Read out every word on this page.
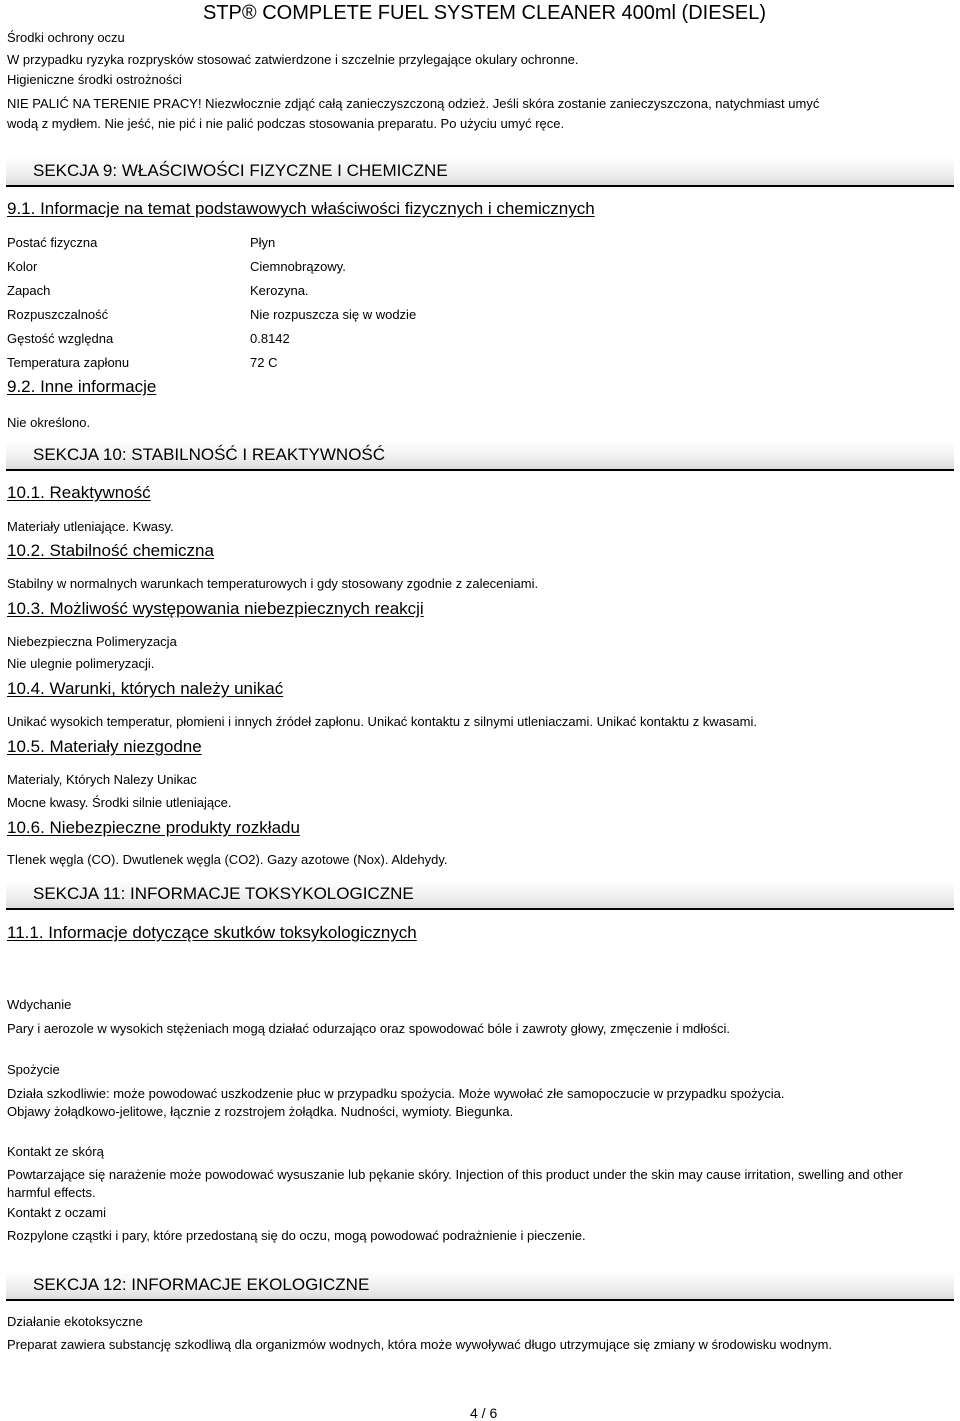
STP® COMPLETE FUEL SYSTEM CLEANER 400ml (DIESEL)
Środki ochrony oczu
W przypadku ryzyka rozprysków stosować zatwierdzone i szczelnie przylegające okulary ochronne.
Higieniczne środki ostrożności
NIE PALIĆ NA TERENIE PRACY! Niezwłocznie zdjąć całą zanieczyszczoną odzież. Jeśli skóra zostanie zanieczyszczona, natychmiast umyć
wodą z mydłem. Nie jeść, nie pić i nie palić podczas stosowania preparatu. Po użyciu umyć ręce.
SEKCJA 9: WŁAŚCIWOŚCI FIZYCZNE I CHEMICZNE
9.1. Informacje na temat podstawowych właściwości fizycznych i chemicznych
Postać fizyczna	Płyn
Kolor	Ciemnobrązowy.
Zapach	Kerozyna.
Rozpuszczalność	Nie rozpuszcza się w wodzie
Gęstość względna	0.8142
Temperatura zapłonu	72 C
9.2. Inne informacje
Nie określono.
SEKCJA 10: STABILNOŚĆ I REAKTYWNOŚĆ
10.1. Reaktywność
Materiały utleniające. Kwasy.
10.2. Stabilność chemiczna
Stabilny w normalnych warunkach temperaturowych i gdy stosowany zgodnie z zaleceniami.
10.3. Możliwość występowania niebezpiecznych reakcji
Niebezpieczna Polimeryzacja
Nie ulegnie polimeryzacji.
10.4. Warunki, których należy unikać
Unikać wysokich temperatur, płomieni i innych źródeł zapłonu. Unikać kontaktu z silnymi utleniaczami. Unikać kontaktu z kwasami.
10.5. Materiały niezgodne
Materialy, Których Nalezy Unikac
Mocne kwasy. Środki silnie utleniające.
10.6. Niebezpieczne produkty rozkładu
Tlenek węgla (CO). Dwutlenek węgla (CO2). Gazy azotowe (Nox). Aldehydy.
SEKCJA 11: INFORMACJE TOKSYKOLOGICZNE
11.1. Informacje dotyczące skutków toksykologicznych
Wdychanie
Pary i aerozole w wysokich stężeniach mogą działać odurzająco oraz spowodować bóle i zawroty głowy, zmęczenie i mdłości.
Spożycie
Działa szkodliwie: może powodować uszkodzenie płuc w przypadku spożycia. Może wywołać złe samopoczucie w przypadku spożycia.
Objawy żołądkowo-jelitowe, łącznie z rozstrojem żołądka. Nudności, wymioty. Biegunka.
Kontakt ze skórą
Powtarzające się narażenie może powodować wysuszanie lub pękanie skóry. Injection of this product under the skin may cause irritation, swelling and other harmful effects.
Kontakt z oczami
Rozpylone cząstki i pary, które przedostaną się do oczu, mogą powodować podrażnienie i pieczenie.
SEKCJA 12: INFORMACJE EKOLOGICZNE
Działanie ekotoksyczne
Preparat zawiera substancję szkodliwą dla organizmów wodnych, która może wywoływać długo utrzymujące się zmiany w środowisku wodnym.
4 / 6
